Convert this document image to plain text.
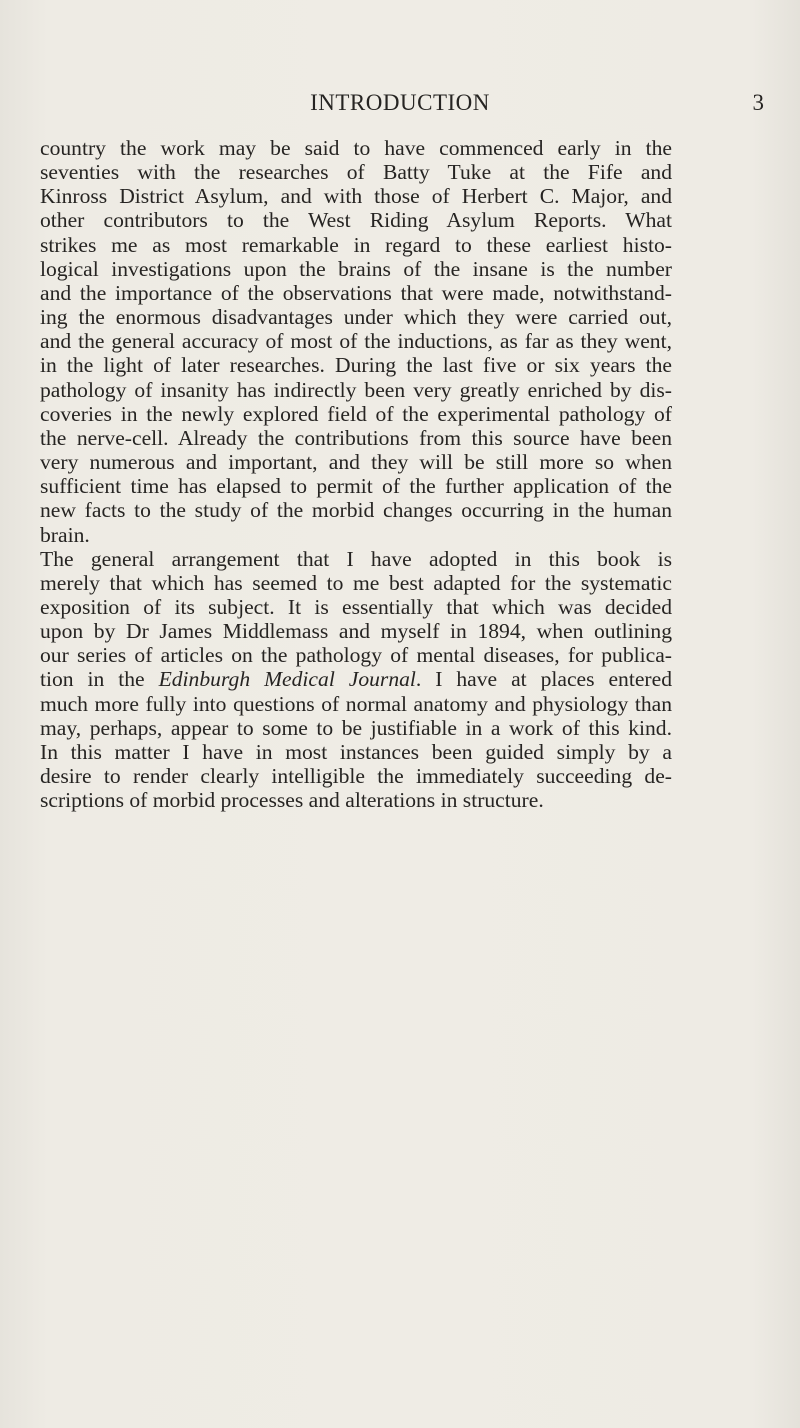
INTRODUCTION	3

country the work may be said to have commenced early in the

seventies with the researches of Batty Tuke at the Fife and

Kinross District Asylum, and with those of Herbert C. Major, and

other contributors to the West Riding Asylum Reports. What

strikes me as most remarkable in regard to these earliest histo-

logical investigations upon the brains of the insane is the number

and the importance of the observations that were made, notwithstand-

ing the enormous disadvantages under which they were carried out,

and the general accuracy of most of the inductions, as far as they went,

in the light of later researches. During the last five or six years the

pathology of insanity has indirectly been very greatly enriched by dis-

coveries in the newly explored field of the experimental pathology of

the nerve-cell. Already the contributions from this source have been

very numerous and important, and they will be still more so when

sufficient time has elapsed to permit of the further application of the

new facts to the study of the morbid changes occurring in the human

brain.

The general arrangement that I have adopted in this book is

merely that which has seemed to me best adapted for the systematic

exposition of its subject. It is essentially that which was decided

upon by Dr James Middlemass and myself in 1894, when outlining

our series of articles on the pathology of mental diseases, for publica-

tion in the Edinburgh Medical Journal. I have at places entered

much more fully into questions of normal anatomy and physiology than

may, perhaps, appear to some to be justifiable in a work of this kind.

In this matter I have in most instances been guided simply by a

desire to render clearly intelligible the immediately succeeding de-

scriptions of morbid processes and alterations in structure.
